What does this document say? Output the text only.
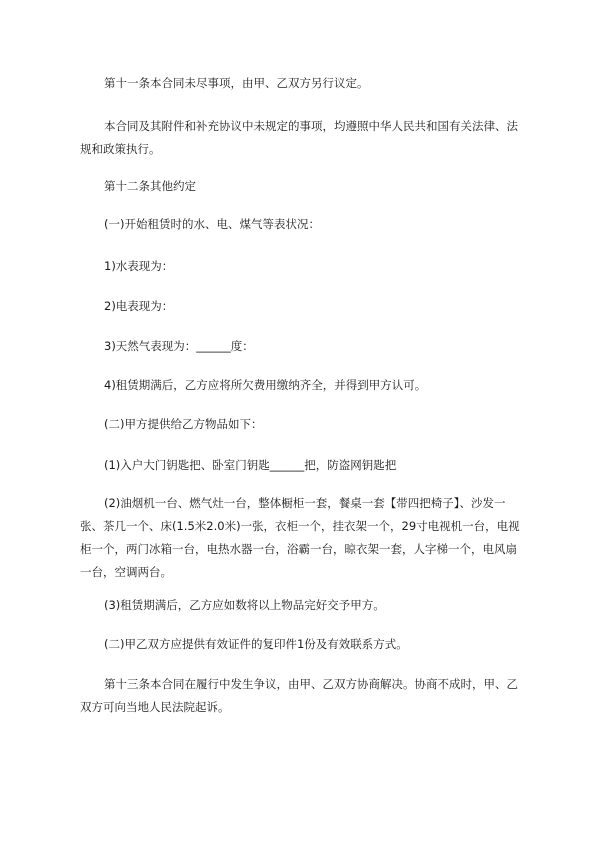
第十一条本合同未尽事项，由甲、乙双方另行议定。
本合同及其附件和补充协议中未规定的事项，均遵照中华人民共和国有关法律、法规和政策执行。
第十二条其他约定
(一)开始租赁时的水、电、煤气等表状况：
1)水表现为：
2)电表现为：
3)天然气表现为：______度：
4)租赁期满后，乙方应将所欠费用缴纳齐全，并得到甲方认可。
(二)甲方提供给乙方物品如下：
(1)入户大门钥匙把、卧室门钥匙______把，防盗网钥匙把
(2)油烟机一台、燃气灶一台，整体橱柜一套，餐桌一套【带四把椅子】、沙发一张、茶几一个、床(1.5米2.0米)一张，衣柜一个，挂衣架一个，29寸电视机一台，电视柜一个，两门冰箱一台，电热水器一台，浴霸一台，晾衣架一套，人字梯一个，电风扇一台，空调两台。
(3)租赁期满后，乙方应如数将以上物品完好交予甲方。
(二)甲乙双方应提供有效证件的复印件1份及有效联系方式。
第十三条本合同在履行中发生争议，由甲、乙双方协商解决。协商不成时，甲、乙双方可向当地人民法院起诉。
